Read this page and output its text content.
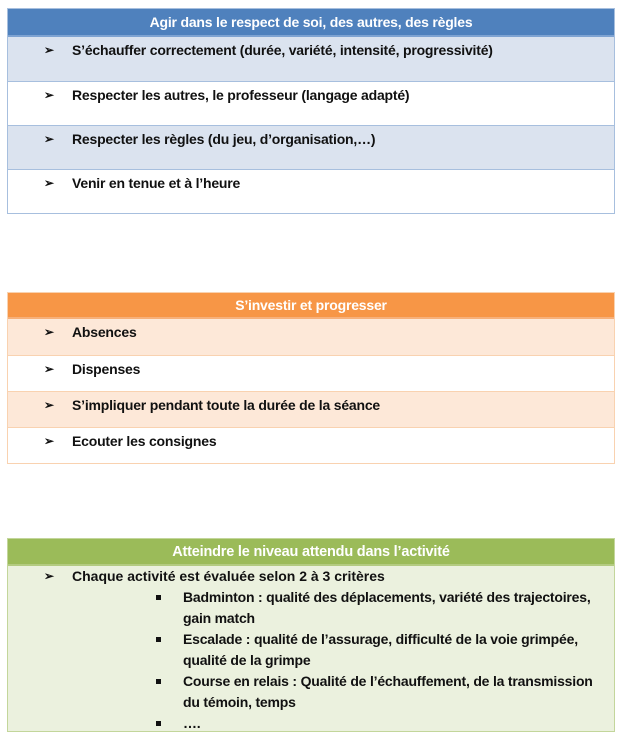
Agir dans le respect de soi, des autres, des règles
➢ S’échauffer correctement (durée, variété, intensité, progressivité)
➢ Respecter les autres, le professeur (langage adapté)
➢ Respecter les règles (du jeu, d’organisation,…)
➢ Venir en tenue et à l’heure
S’investir et progresser
➢ Absences
➢ Dispenses
➢ S’impliquer pendant toute la durée de la séance
➢ Ecouter les consignes
Atteindre le niveau attendu dans l’activité
➢ Chaque activité est évaluée selon 2 à 3 critères
Badminton : qualité des déplacements, variété des trajectoires, gain match
Escalade : qualité de l’assurage, difficulté de la voie grimpée, qualité de la grimpe
Course en relais : Qualité de l’échauffement, de la transmission du témoin, temps
….
